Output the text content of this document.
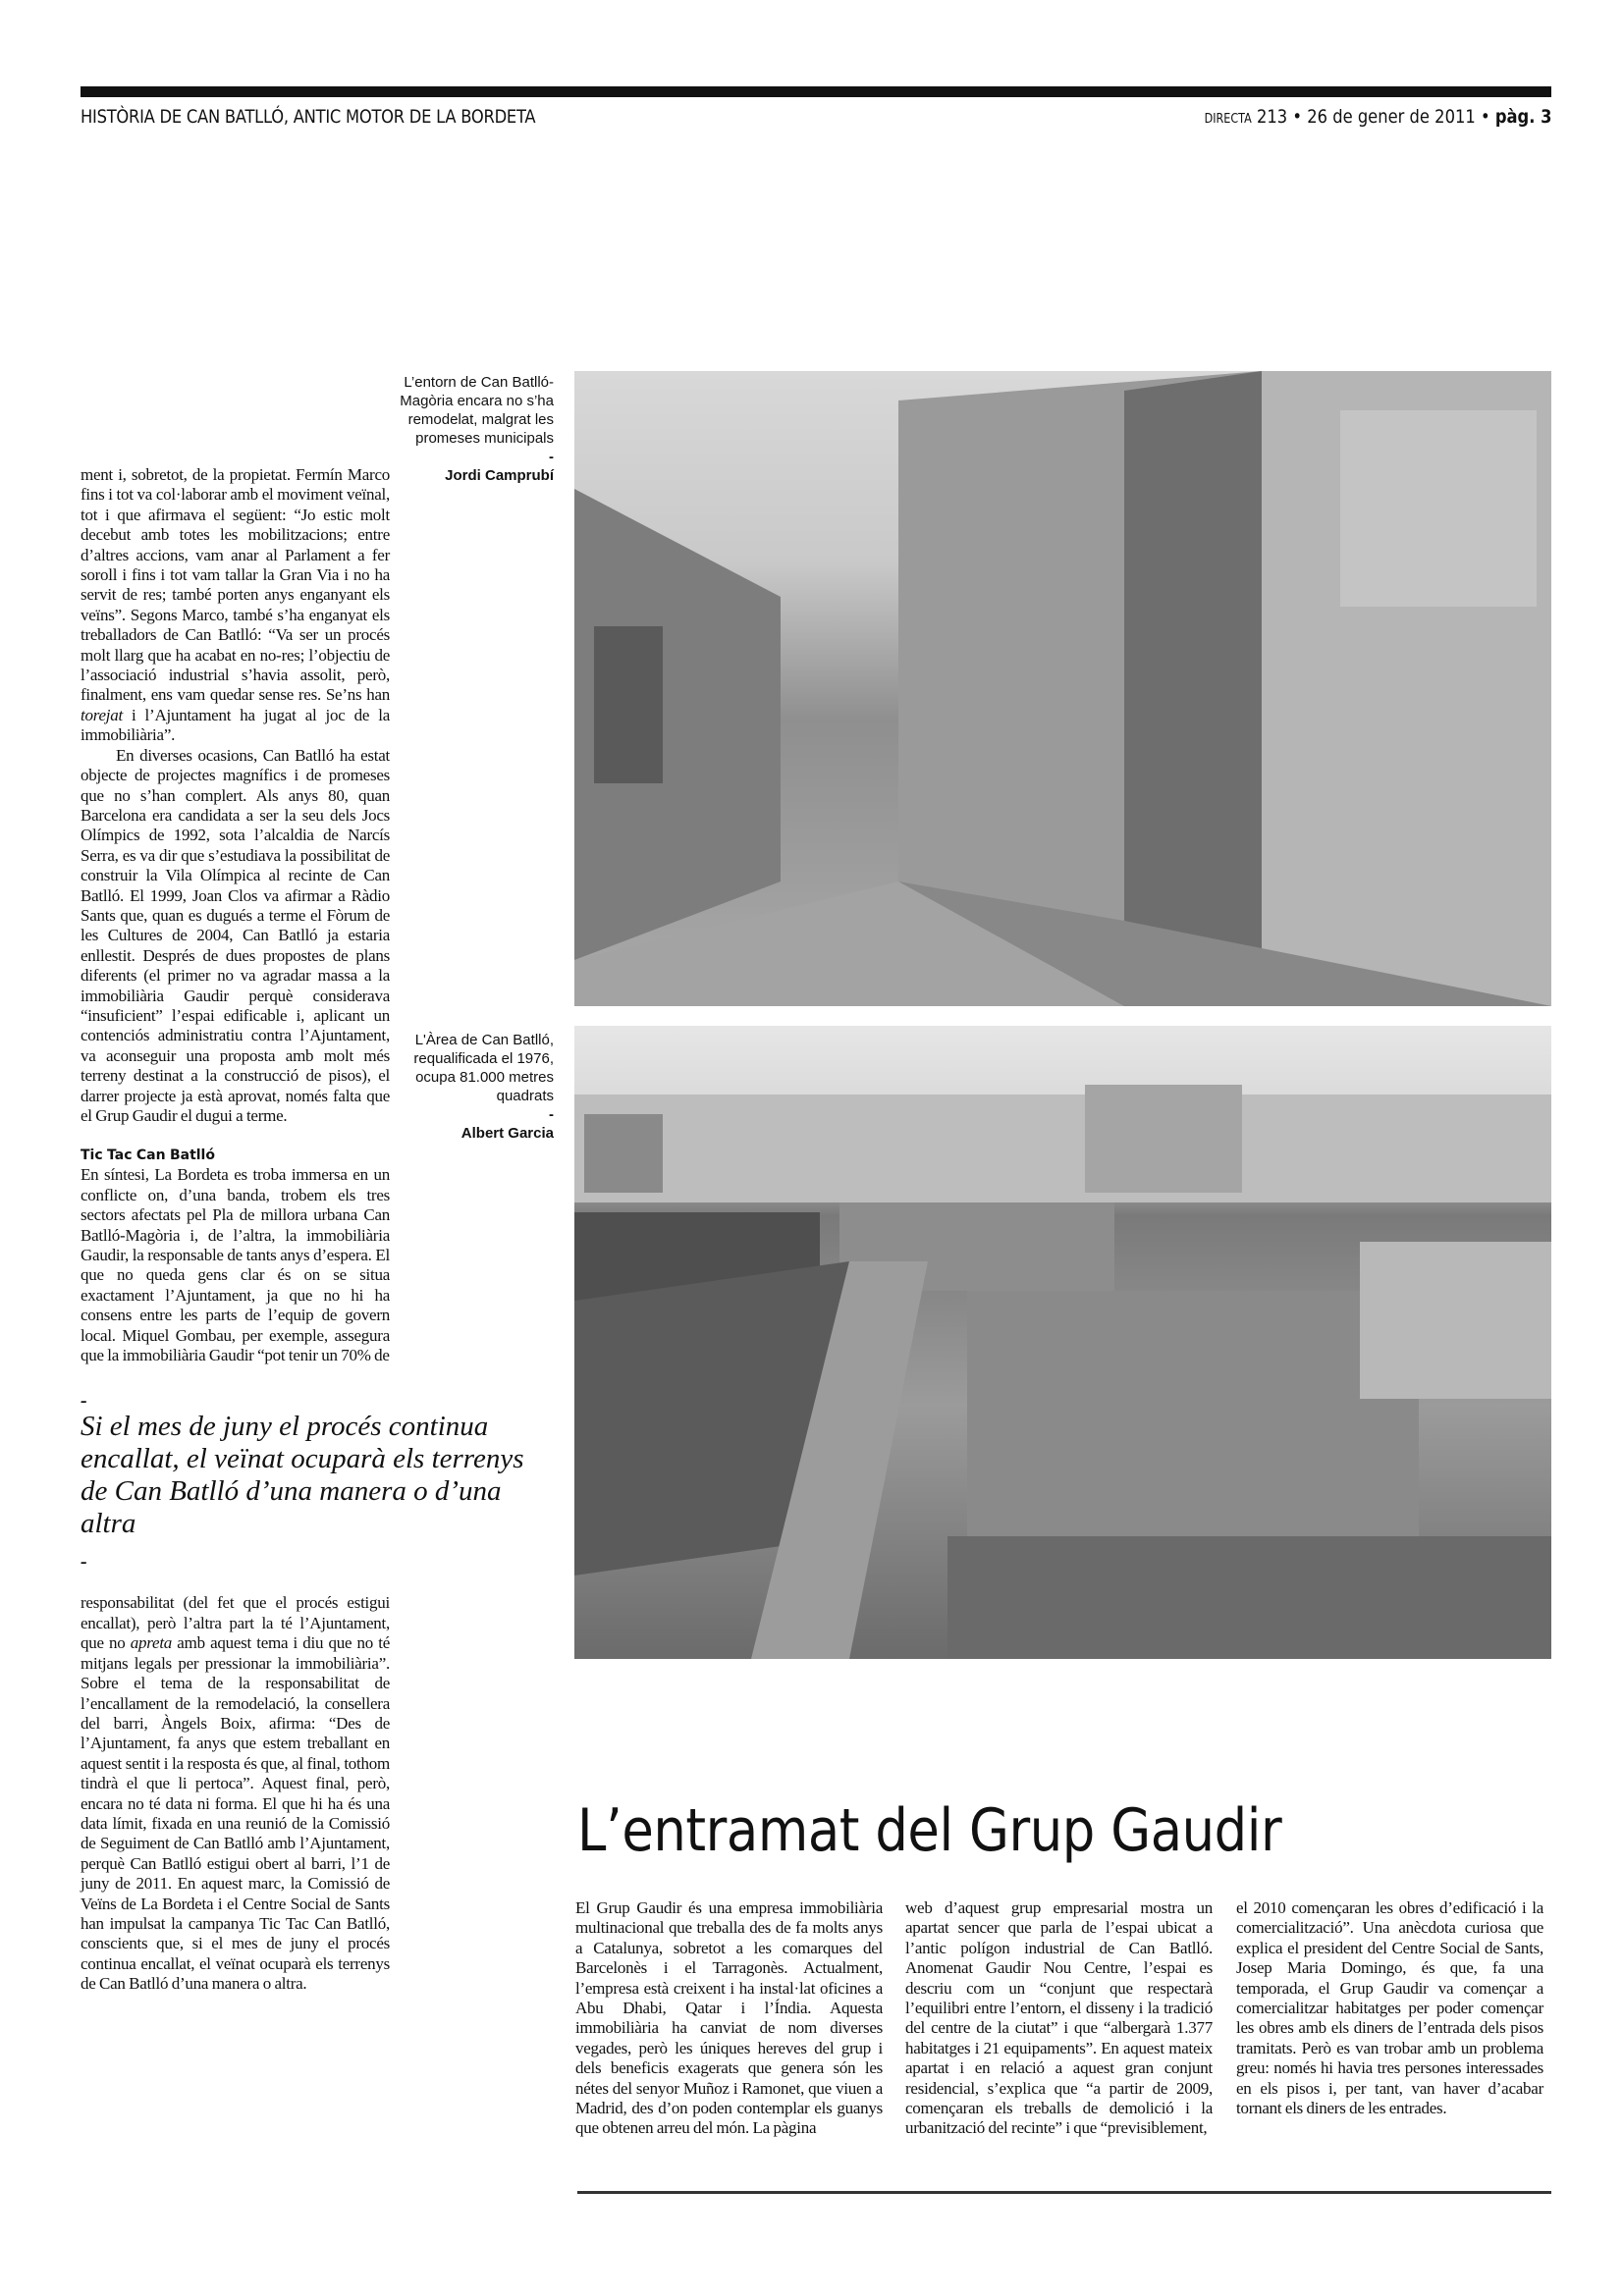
HISTÒRIA DE CAN BATLLÓ, ANTIC MOTOR DE LA BORDETA	DIRECTA 213 • 26 de gener de 2011 • pàg. 3
L’entorn de Can Batlló-Magòria encara no s’ha remodelat, malgrat les promeses municipals
-
Jordi Camprubí
L'Àrea de Can Batlló, requalificada el 1976, ocupa 81.000 metres quadrats
-
Albert Garcia

ment i, sobretot, de la propietat. Fermín Marco fins i tot va col·laborar amb el moviment veïnal, tot i que afirmava el següent: “Jo estic molt decebut amb totes les mobilitzacions; entre d’altres accions, vam anar al Parlament a fer soroll i fins i tot vam tallar la Gran Via i no ha servit de res; també porten anys enganyant els veïns”. Segons Marco, també s’ha enganyat els treballadors de Can Batlló: “Va ser un procés molt llarg que ha acabat en no-res; l’objectiu de l’associació industrial s’havia assolit, però, finalment, ens vam quedar sense res. Se’ns han torejat i l’Ajuntament ha jugat al joc de la immobiliària”.

En diverses ocasions, Can Batlló ha estat objecte de projectes magnífics i de promeses que no s’han complert. Als anys 80, quan Barcelona era candidata a ser la seu dels Jocs Olímpics de 1992, sota l’alcaldia de Narcís Serra, es va dir que s’estudiava la possibilitat de construir la Vila Olímpica al recinte de Can Batlló. El 1999, Joan Clos va afirmar a Ràdio Sants que, quan es dugués a terme el Fòrum de les Cultures de 2004, Can Batlló ja estaria enllestit. Després de dues propostes de plans diferents (el primer no va agradar massa a la immobiliària Gaudir perquè considerava “insuficient” l’espai edificable i, aplicant un contenciós administratiu contra l’Ajuntament, va aconseguir una proposta amb molt més terreny destinat a la construcció de pisos), el darrer projecte ja està aprovat, només falta que el Grup Gaudir el dugui a terme.

Tic Tac Can Batlló

En síntesi, La Bordeta es troba immersa en un conflicte on, d’una banda, trobem els tres sectors afectats pel Pla de millora urbana Can Batlló-Magòria i, de l’altra, la immobiliària Gaudir, la responsable de tants anys d’espera. El que no queda gens clar és on se situa exactament l’Ajuntament, ja que no hi ha consens entre les parts de l’equip de govern local. Miquel Gombau, per exemple, assegura que la immobiliària Gaudir “pot tenir un 70% de

-
Si el mes de juny el procés continua encallat, el veïnat ocuparà els terrenys de Can Batlló d’una manera o d’una altra
-

responsabilitat (del fet que el procés estigui encallat), però l’altra part la té l’Ajuntament, que no apreta amb aquest tema i diu que no té mitjans legals per pressionar la immobiliària”. Sobre el tema de la responsabilitat de l’encallament de la remodelació, la consellera del barri, Àngels Boix, afirma: “Des de l’Ajuntament, fa anys que estem treballant en aquest sentit i la resposta és que, al final, tothom tindrà el que li pertoca”. Aquest final, però, encara no té data ni forma. El que hi ha és una data límit, fixada en una reunió de la Comissió de Seguiment de Can Batlló amb l’Ajuntament, perquè Can Batlló estigui obert al barri, l’1 de juny de 2011. En aquest marc, la Comissió de Veïns de La Bordeta i el Centre Social de Sants han impulsat la campanya Tic Tac Can Batlló, conscients que, si el mes de juny el procés continua encallat, el veïnat ocuparà els terrenys de Can Batlló d’una manera o altra.

L’entramat del Grup Gaudir
El Grup Gaudir és una empresa immobiliària multinacional que treballa des de fa molts anys a Catalunya, sobretot a les comarques del Barcelonès i el Tarragonès. Actualment, l’empresa està creixent i ha instal·lat oficines a Abu Dhabi, Qatar i l’Índia. Aquesta immobiliària ha canviat de nom diverses vegades, però les úniques hereves del grup i dels beneficis exagerats que genera són les nétes del senyor Muñoz i Ramonet, que viuen a Madrid, des d’on poden contemplar els guanys que obtenen arreu del món. La pàgina
web d’aquest grup empresarial mostra un apartat sencer que parla de l’espai ubicat a l’antic polígon industrial de Can Batlló. Anomenat Gaudir Nou Centre, l’espai es descriu com un “conjunt que respectarà l’equilibri entre l’entorn, el disseny i la tradició del centre de la ciutat” i que “albergarà 1.377 habitatges i 21 equipaments”. En aquest mateix apartat i en relació a aquest gran conjunt residencial, s’explica que “a partir de 2009, començaran els treballs de demolició i la urbanització del recinte” i que “previsiblement,
el 2010 començaran les obres d’edificació i la comercialització”. Una anècdota curiosa que explica el president del Centre Social de Sants, Josep Maria Domingo, és que, fa una temporada, el Grup Gaudir va començar a comercialitzar habitatges per poder començar les obres amb els diners de l’entrada dels pisos tramitats. Però es van trobar amb un problema greu: només hi havia tres persones interessades en els pisos i, per tant, van haver d’acabar tornant els diners de les entrades.
